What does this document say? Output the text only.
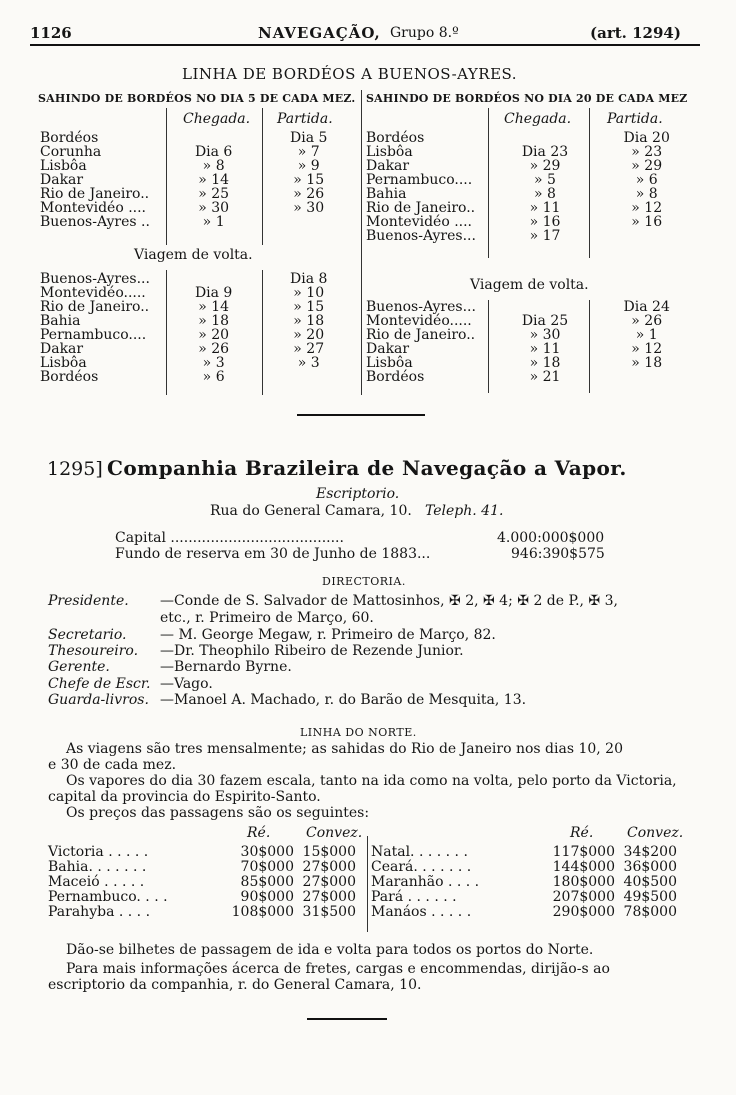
1126	NAVEGAÇÃO, Grupo 8.º	(art. 1294)
LINHA DE BORDÉOS A BUENOS-AYRES.
SAHINDO DE BORDÉOS NO DIA 5 DE CADA MEZ. SAHINDO DE BORDÉOS NO DIA 20 DE CADA MEZ
Chegada. Partida.	Chegada.	Partida.
Bordéos		Dia 5
Corunha	Dia 6	» 7
Lisbôa	» 8	» 9
Dakar	» 14	» 15
Rio de Janeiro..	» 25	» 26
Montevidéo ....	» 30	» 30
Buenos-Ayres ..	» 1	
Viagem de volta.
Buenos-Ayres...		Dia 8
Montevidéo.....	Dia 9	» 10
Rio de Janeiro..	» 14	» 15
Bahia	» 18	» 18
Pernambuco....	» 20	» 20
Dakar	» 26	» 27
Lisbôa	» 3	» 3
Bordéos	» 6	
Bordéos		Dia 20
Lisbôa	Dia 23	» 23
Dakar	» 29	» 29
Pernambuco....	» 5	» 6
Bahia	» 8	» 8
Rio de Janeiro..	» 11	» 12
Montevidéo ....	» 16	» 16
Buenos-Ayres...	» 17	
Viagem de volta.
Buenos-Ayres...		Dia 24
Montevidéo.....	Dia 25	» 26
Rio de Janeiro..	» 30	» 1
Dakar	» 11	» 12
Lisbôa	» 18	» 18
Bordéos	» 21	
1295] Companhia Brazileira de Navegação a Vapor.
Escriptorio.
Rua do General Camara, 10. Teleph. 41.
Capital .......................................	4.000:000$000
Fundo de reserva em 30 de Junho de 1883...	946:390$575
DIRECTORIA.
Presidente. —Conde de S. Salvador de Mattosinhos, ✠ 2, ✠ 4; ✠ 2 de P., ✠ 3,
etc., r. Primeiro de Março, 60.
Secretario. — M. George Megaw, r. Primeiro de Março, 82.
Thesoureiro. —Dr. Theophilo Ribeiro de Rezende Junior.
Gerente.	—Bernardo Byrne.
Chefe de Escr. —Vago.
Guarda-livros. —Manoel A. Machado, r. do Barão de Mesquita, 13.
LINHA DO NORTE.
As viagens são tres mensalmente; as sahidas do Rio de Janeiro nos dias 10, 20
e 30 de cada mez.
Os vapores do dia 30 fazem escala, tanto na ida como na volta, pelo porto da Victoria,
capital da provincia do Espirito-Santo.
Os preços das passagens são os seguintes:
Ré.	Convez.	Ré. Convez.
Victoria . . . . .	30$000	15$000
Bahia. . . . . . .	70$000	27$000
Maceió . . . . .	85$000	27$000
Pernambuco. . . .	90$000	27$000
Parahyba . . . .	108$000	31$500
Natal. . . . . . .	117$000	34$200
Ceará. . . . . . .	144$000	36$000
Maranhão . . . .	180$000	40$500
Pará . . . . . .	207$000	49$500
Manáos . . . . .	290$000	78$000
Dão-se bilhetes de passagem de ida e volta para todos os portos do Norte.
Para mais informações ácerca de fretes, cargas e encommendas, dirijão-s ao
escriptorio da companhia, r. do General Camara, 10.
